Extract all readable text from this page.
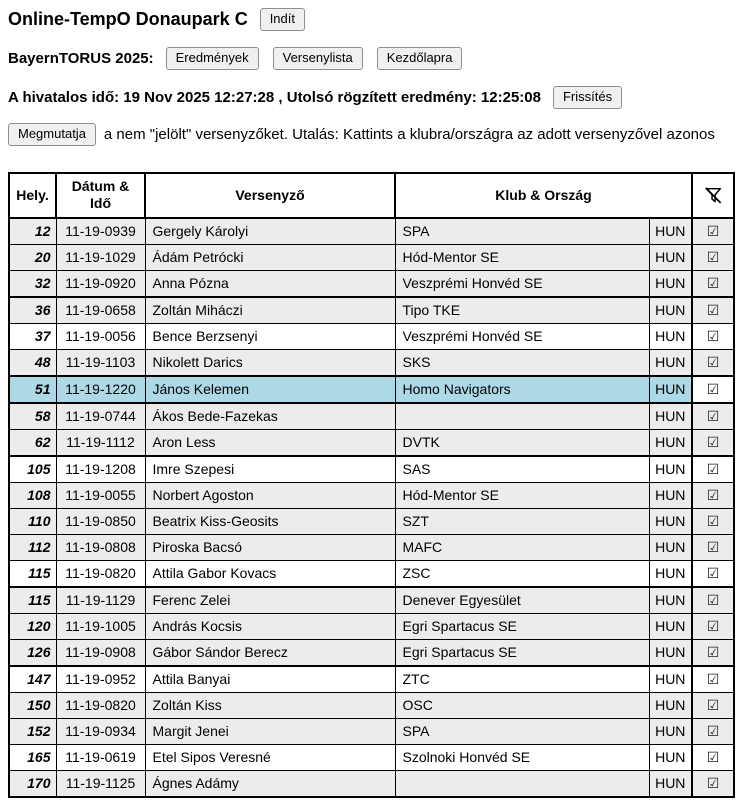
Online-TempO Donaupark C	Indít
BayernTORUS 2025:	Eredmények	Versenylista	Kezdőlapra
A hivatalos idő: 19 Nov 2025 12:27:28 , Utolsó rögzített eredmény: 12:25:08	Frissítés
Megmutatja	a nem "jelölt" versenyzőket. Utalás: Kattints a klubra/országra az adott versenyzővel azonos
Hely.	Dátum &
Idő	Versenyző	Klub & Ország	

12	11-19-0939	Gergely Károlyi	SPA	HUN	☑
20	11-19-1029	Ádám Petrócki	Hód-Mentor SE	HUN	☑
32	11-19-0920	Anna Pózna	Veszprémi Honvéd SE	HUN	☑
36	11-19-0658	Zoltán Miháczi	Tipo TKE	HUN	☑
37	11-19-0056	Bence Berzsenyi	Veszprémi Honvéd SE	HUN	☑
48	11-19-1103	Nikolett Darics	SKS	HUN	☑
51	11-19-1220	János Kelemen	Homo Navigators	HUN	☑
58	11-19-0744	Ákos Bede-Fazekas		HUN	☑
62	11-19-1112	Aron Less	DVTK	HUN	☑
105	11-19-1208	Imre Szepesi	SAS	HUN	☑
108	11-19-0055	Norbert Agoston	Hód-Mentor SE	HUN	☑
110	11-19-0850	Beatrix Kiss-Geosits	SZT	HUN	☑
112	11-19-0808	Piroska Bacsó	MAFC	HUN	☑
115	11-19-0820	Attila Gabor Kovacs	ZSC	HUN	☑
115	11-19-1129	Ferenc Zelei	Denever Egyesület	HUN	☑
120	11-19-1005	András Kocsis	Egri Spartacus SE	HUN	☑
126	11-19-0908	Gábor Sándor Berecz	Egri Spartacus SE	HUN	☑
147	11-19-0952	Attila Banyai	ZTC	HUN	☑
150	11-19-0820	Zoltán Kiss	OSC	HUN	☑
152	11-19-0934	Margit Jenei	SPA	HUN	☑
165	11-19-0619	Etel Sipos Veresné	Szolnoki Honvéd SE	HUN	☑
170	11-19-1125	Ágnes Adámy		HUN	☑
